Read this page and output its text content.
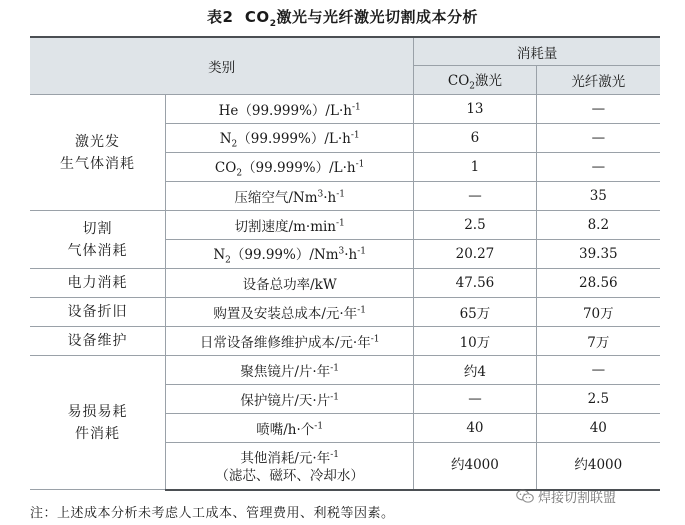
表2 $CO_2$激光与光纤激光切割成本分析
类别		消耗量	
		$CO_2$激光	光纤激光

激光发
生气体消耗	$He(99.999\%)/L\cdot h^{-1}$	13	—
	$N_2(99.999\%)/L\cdot h^{-1}$	6	—
	$CO_2(99.999\%)/L\cdot h^{-1}$	1	—
	压缩空气$/Nm^3\cdot h^{-1}$	—	35

切割
气体消耗	切割速度$/m\cdot\min^{-1}$	2.5	8.2
	$N_2(99.99\%)/Nm^3\cdot h^{-1}$	20.27	39.35
电力消耗	设备总功率/kW	47.56	28.56
设备折旧	购置及安装总成本/元·年$^{-1}$	65万	70万
设备维护	日常设备维修维护成本/元·年$^{-1}$	10万	7万

易损易耗
件消耗	聚焦镜片/片·年$^{-1}$	约4	—
	保护镜片/天·片$^{-1}$	—	2.5
	喷嘴/h·个$^{-1}$	40	40

	其他消耗/元·年$^{-1}$
（滤芯、磁环、冷却水）	约4000	约4000
焊接切割联盟
注：上述成本分析未考虑人工成本、管理费用、利税等因素。
